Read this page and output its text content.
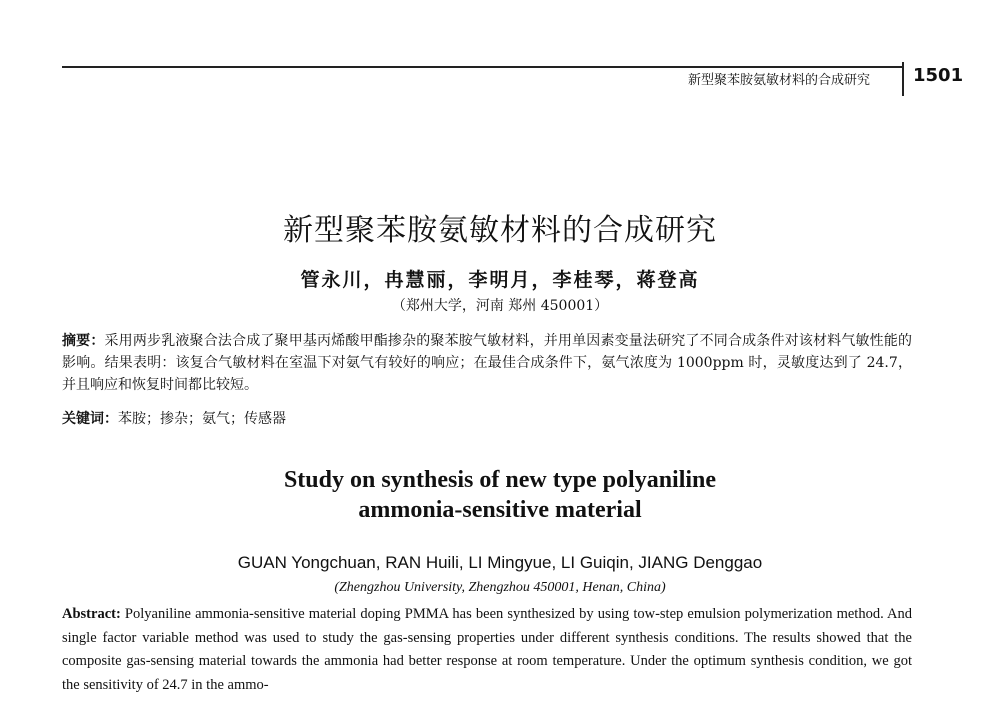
新型聚苯胺氨敏材料的合成研究 1501
新型聚苯胺氨敏材料的合成研究
管永川，冉慧丽，李明月，李桂琴，蒋登高
（郑州大学，河南 郑州 450001）
摘要：采用两步乳液聚合法合成了聚甲基丙烯酸甲酯掺杂的聚苯胺气敏材料，并用单因素变量法研究了不同合成条件对该材料气敏性能的影响。结果表明：该复合气敏材料在室温下对氨气有较好的响应；在最佳合成条件下，氨气浓度为 1000ppm 时，灵敏度达到了 24.7，并且响应和恢复时间都比较短。
关键词：苯胺；掺杂；氨气；传感器
Study on synthesis of new type polyaniline
ammonia-sensitive material
GUAN Yongchuan, RAN Huili, LI Mingyue, LI Guiqin, JIANG Denggao
(Zhengzhou University, Zhengzhou 450001, Henan, China)
Abstract: Polyaniline ammonia-sensitive material doping PMMA has been synthesized by using tow-step emulsion polymerization method. And single factor variable method was used to study the gas-sensing properties under different synthesis conditions. The results showed that the composite gas-sensing material towards the ammonia had better response at room temperature. Under the optimum synthesis condition, we got the sensitivity of 24.7 in the ammo-
